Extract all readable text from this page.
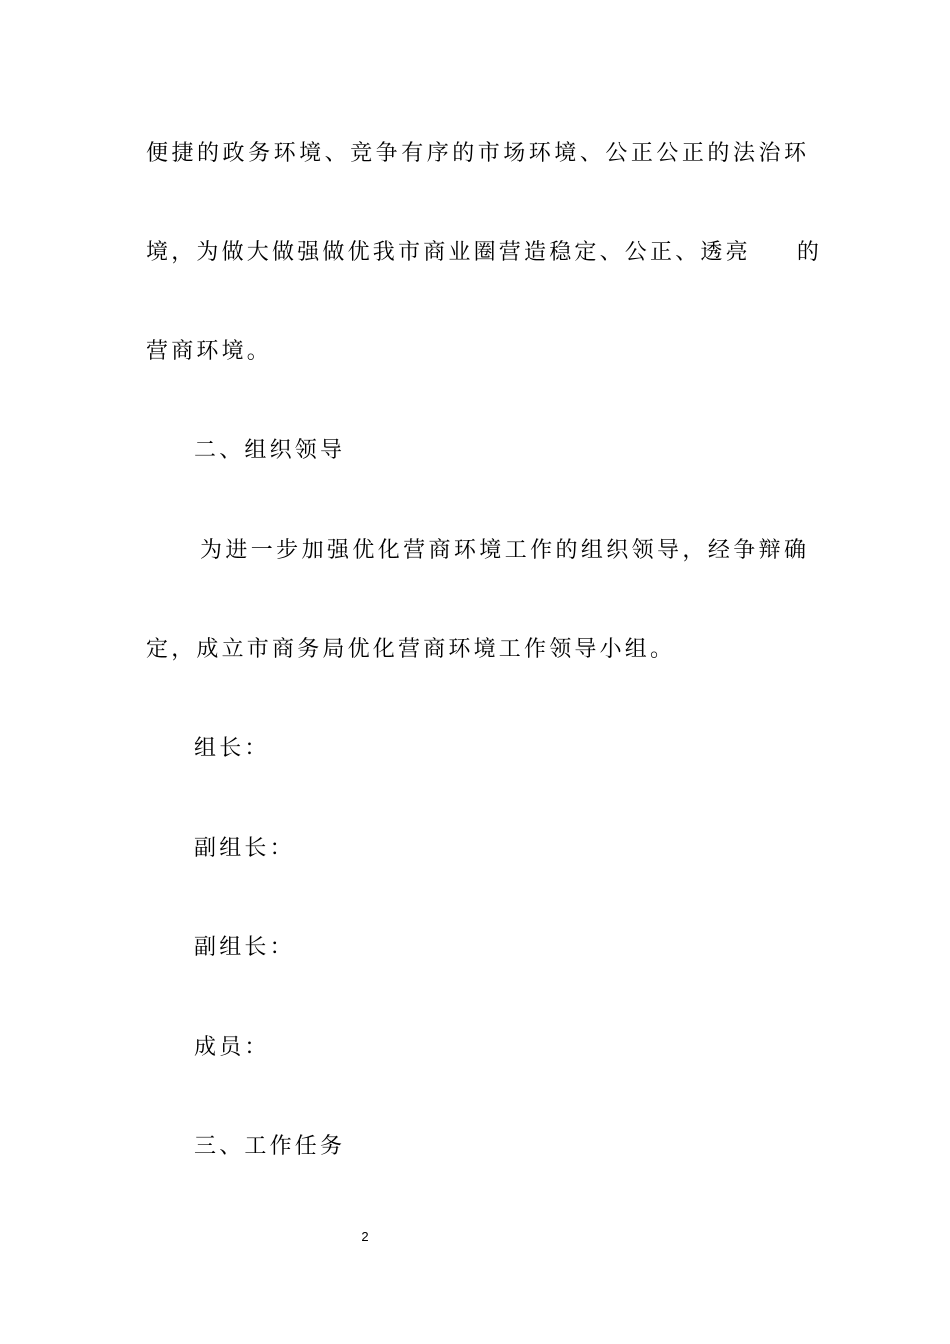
便捷的政务环境、竞争有序的市场环境、公正公正的法治环
境，为做大做强做优我市商业圈营造稳定、公正、透亮 的
营商环境。
二、组织领导
为进一步加强优化营商环境工作的组织领导，经争辩确
定，成立市商务局优化营商环境工作领导小组。
组长：
副组长：
副组长：
成员：
三、工作任务
2
